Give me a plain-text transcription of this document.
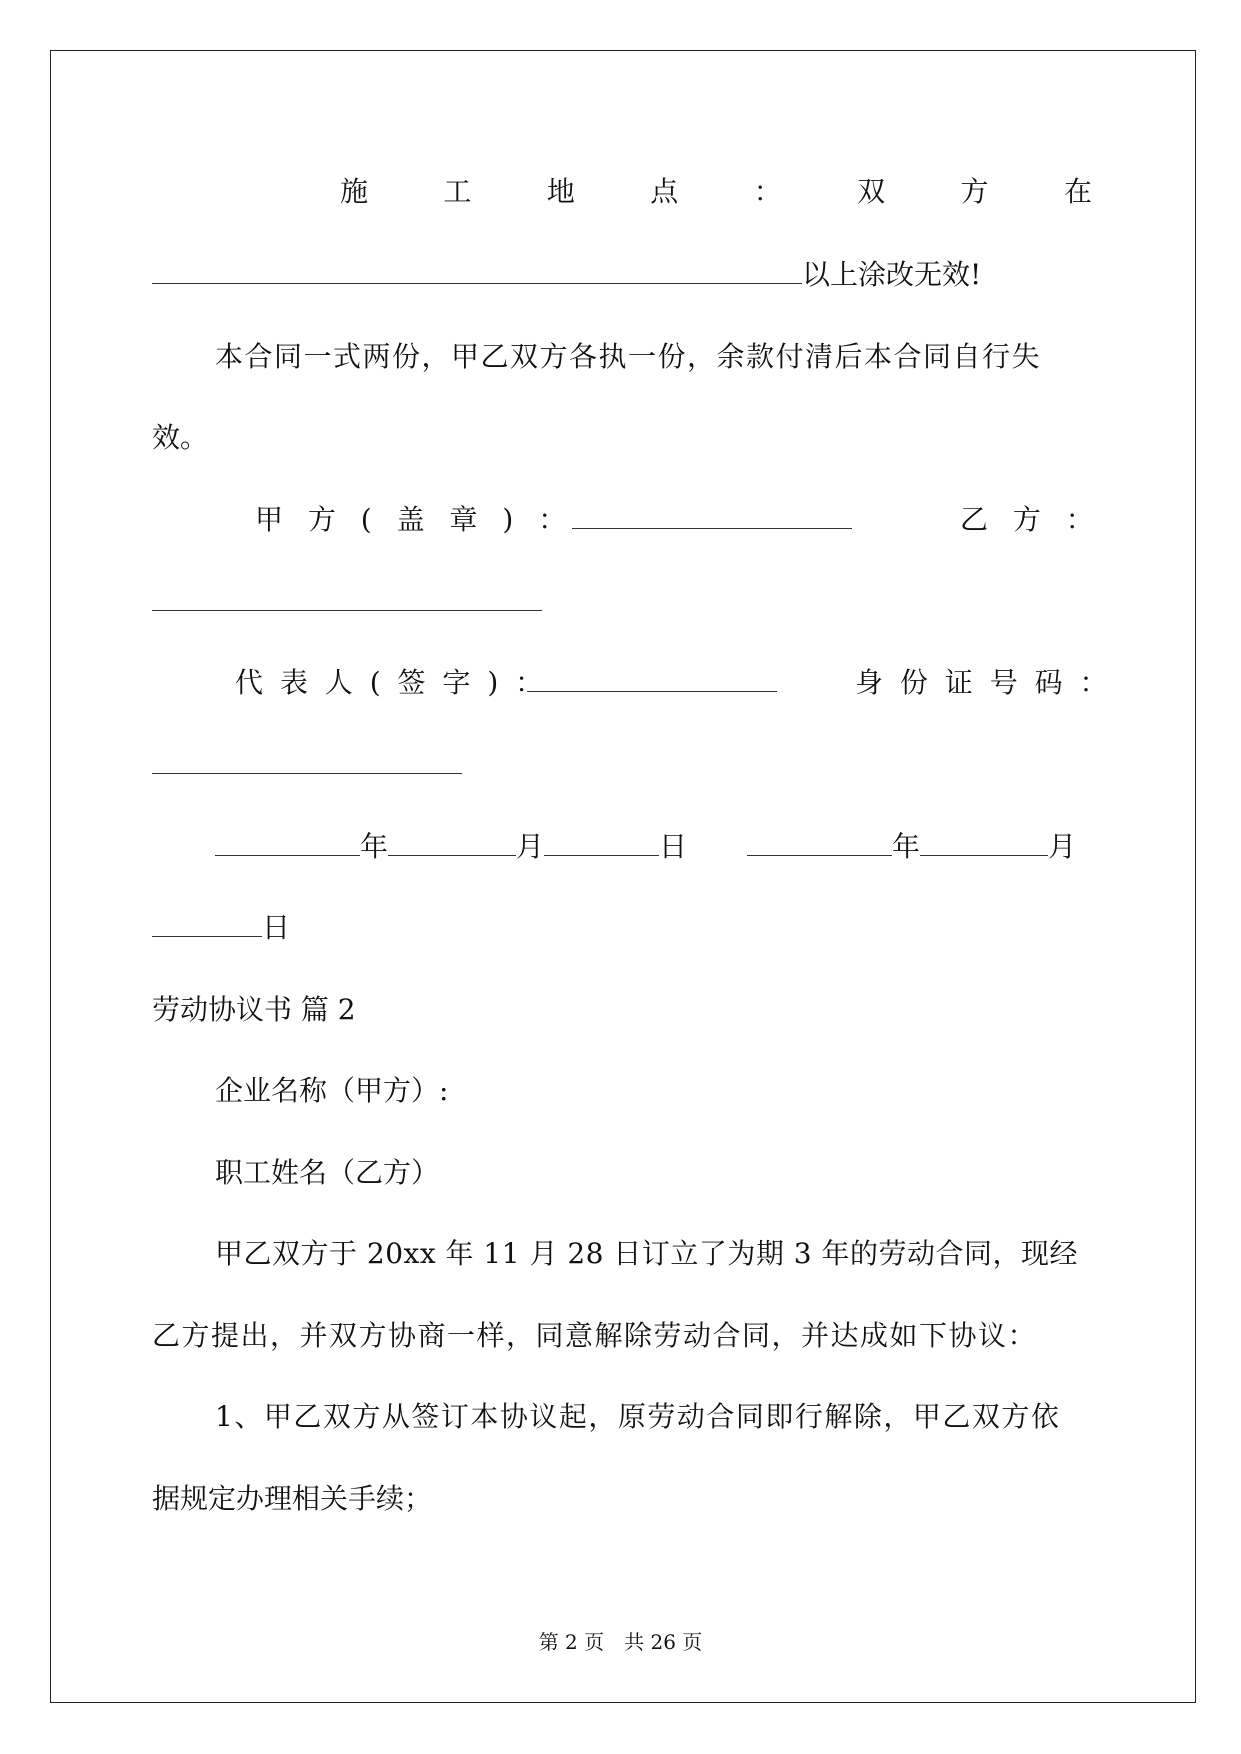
施	工	地	点	：	双	方	在
以上涂改无效!
本合同一式两份，甲乙双方各执一份，余款付清后本合同自行失
效。
甲 方 ( 盖 章 ) ：	乙 方 ：
代 表 人 ( 签 字 ) ：	身 份 证 号 码 ：
年	月	日	年	月
日
劳动协议书 篇 2
企业名称（甲方）:
职工姓名（乙方）
甲乙双方于 20xx 年 11 月 28 日订立了为期 3 年的劳动合同，现经
乙方提出，并双方协商一样，同意解除劳动合同，并达成如下协议：
1、甲乙双方从签订本协议起，原劳动合同即行解除，甲乙双方依
据规定办理相关手续；
第 2 页　共 26 页
